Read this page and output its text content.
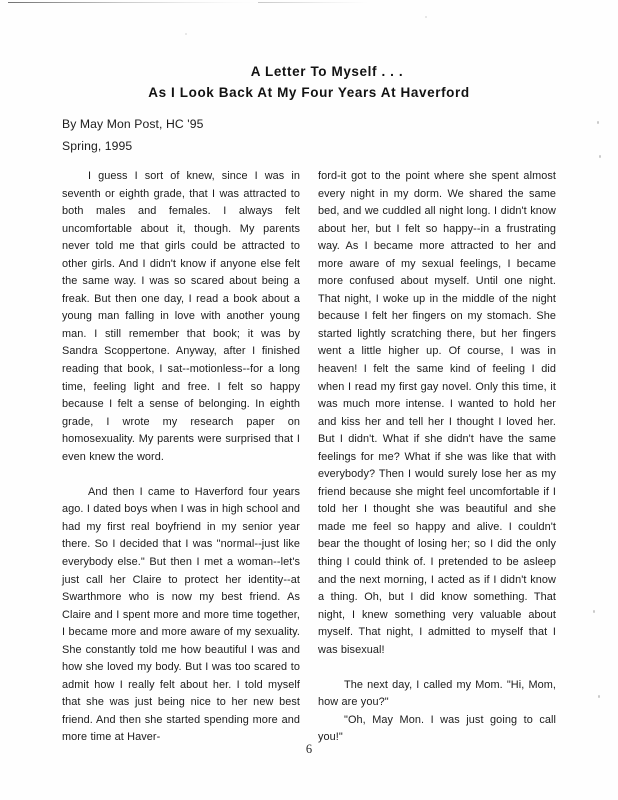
A Letter To Myself . . .
As I Look Back At My Four Years At Haverford
By May Mon Post, HC '95
Spring, 1995

I guess I sort of knew, since I was in seventh or eighth grade, that I was attracted to both males and females. I always felt uncomfortable about it, though. My parents never told me that girls could be attracted to other girls. And I didn't know if anyone else felt the same way. I was so scared about being a freak. But then one day, I read a book about a young man falling in love with another young man. I still remember that book; it was by Sandra Scoppertone. Anyway, after I finished reading that book, I sat--motionless--for a long time, feeling light and free. I felt so happy because I felt a sense of belonging. In eighth grade, I wrote my research paper on homosexuality. My parents were surprised that I even knew the word.

And then I came to Haverford four years ago. I dated boys when I was in high school and had my first real boyfriend in my senior year there. So I decided that I was "normal--just like everybody else." But then I met a woman--let's just call her Claire to protect her identity--at Swarthmore who is now my best friend. As Claire and I spent more and more time together, I became more and more aware of my sexuality. She constantly told me how beautiful I was and how she loved my body. But I was too scared to admit how I really felt about her. I told myself that she was just being nice to her new best friend. And then she started spending more and more time at Haver-

ford-it got to the point where she spent almost every night in my dorm. We shared the same bed, and we cuddled all night long. I didn't know about her, but I felt so happy--in a frustrating way. As I became more attracted to her and more aware of my sexual feelings, I became more confused about myself. Until one night. That night, I woke up in the middle of the night because I felt her fingers on my stomach. She started lightly scratching there, but her fingers went a little higher up. Of course, I was in heaven! I felt the same kind of feeling I did when I read my first gay novel. Only this time, it was much more intense. I wanted to hold her and kiss her and tell her I thought I loved her. But I didn't. What if she didn't have the same feelings for me? What if she was like that with everybody? Then I would surely lose her as my friend because she might feel uncomfortable if I told her I thought she was beautiful and she made me feel so happy and alive. I couldn't bear the thought of losing her; so I did the only thing I could think of. I pretended to be asleep and the next morning, I acted as if I didn't know a thing. Oh, but I did know something. That night, I knew something very valuable about myself. That night, I admitted to myself that I was bisexual!

The next day, I called my Mom. "Hi, Mom, how are you?"

"Oh, May Mon. I was just going to call you!"

6
